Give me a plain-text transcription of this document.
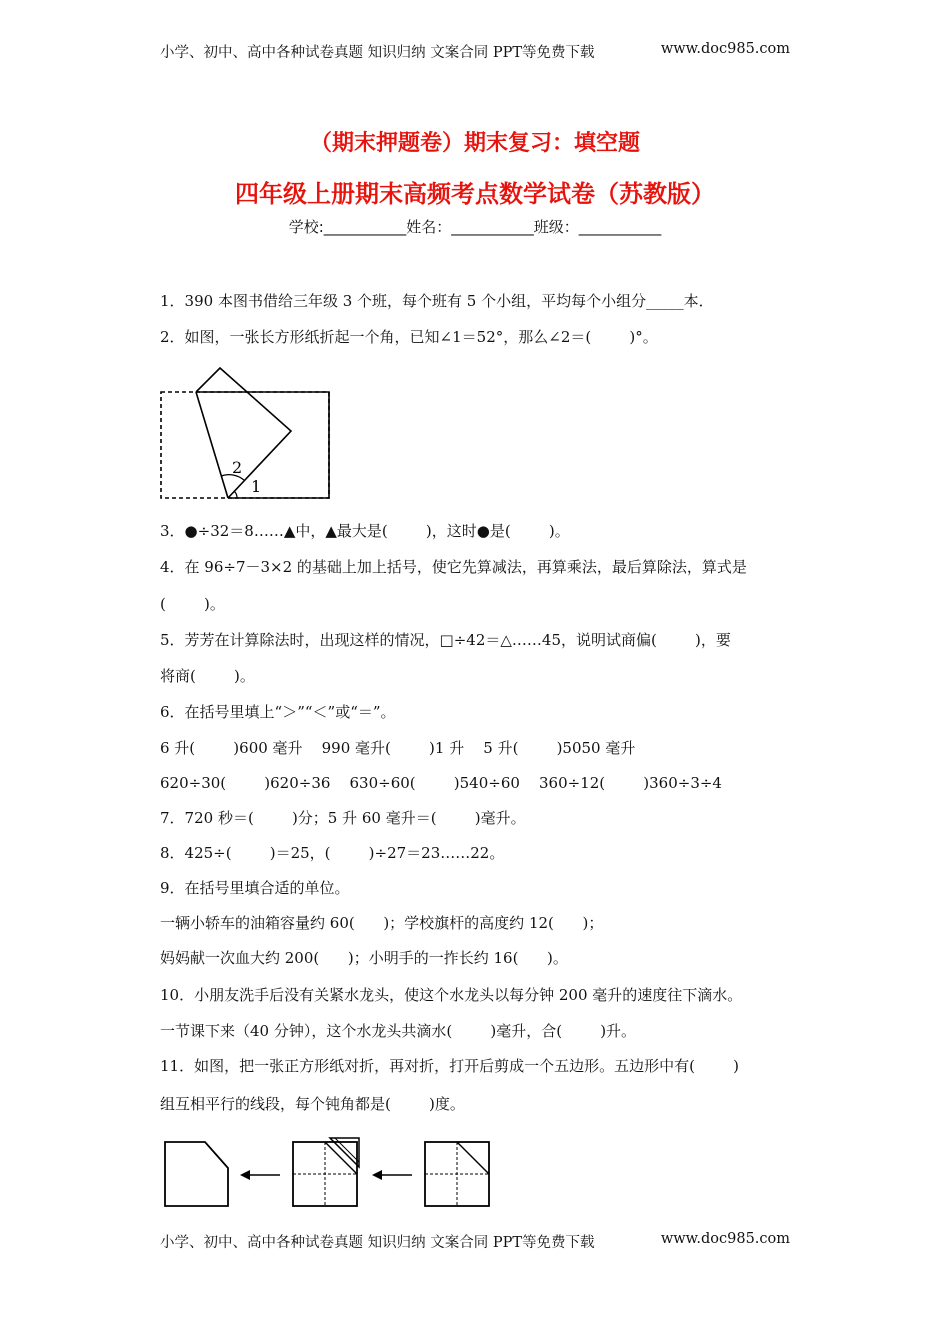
小学、初中、高中各种试卷真题 知识归纳 文案合同 PPT等免费下载	www.doc985.com
（期末押题卷）期末复习：填空题
四年级上册期末高频考点数学试卷（苏教版）
学校:___________姓名：___________班级：___________
1．390 本图书借给三年级 3 个班，每个班有 5 个小组，平均每个小组分_____本．
2．如图，一张长方形纸折起一个角，已知∠1＝52°，那么∠2＝(        )°。
1
2
3．●÷32＝8……▲中，▲最大是(        )，这时●是(        )。
4．在 96÷7－3×2 的基础上加上括号，使它先算减法，再算乘法，最后算除法，算式是
(        )。
5．芳芳在计算除法时，出现这样的情况，□÷42＝△……45，说明试商偏(        )，要
将商(        )。
6．在括号里填上“＞”“＜”或“＝”。
6 升(        )600 毫升    990 毫升(        )1 升    5 升(        )5050 毫升
620÷30(        )620÷36    630÷60(        )540÷60    360÷12(        )360÷3÷4
7．720 秒＝(        )分；5 升 60 毫升＝(        )毫升。
8．425÷(        )＝25，(        )÷27＝23……22。
9．在括号里填合适的单位。
一辆小轿车的油箱容量约 60(      )；学校旗杆的高度约 12(      )；
妈妈献一次血大约 200(      )；小明手的一拃长约 16(      )。
10．小朋友洗手后没有关紧水龙头，使这个水龙头以每分钟 200 毫升的速度往下滴水。
一节课下来（40 分钟），这个水龙头共滴水(        )毫升，合(        )升。
11．如图，把一张正方形纸对折，再对折，打开后剪成一个五边形。五边形中有(        )
组互相平行的线段，每个钝角都是(        )度。
小学、初中、高中各种试卷真题 知识归纳 文案合同 PPT等免费下载	www.doc985.com
